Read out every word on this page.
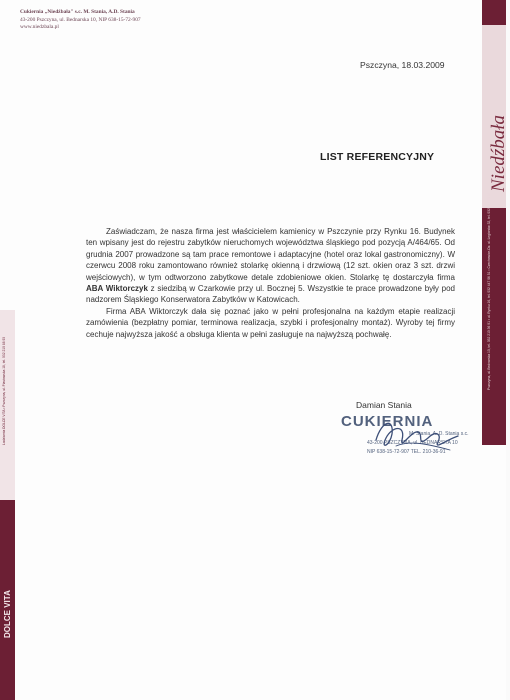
Cukiernia „Niedźbała" s.c. M. Stania, A.D. Stania
43-200 Pszczyna, ul. Bednarska 10, NIP 638-15-72-907
www.niedzbala.pl
Niedźbała
Pszczyna, ul. Bednarska 10, tel. 032 210 36 91 • ul. Rynku 16, tel. 032 447 06 51 • Czechowice-Dz. ul. Legionów 32, tel. 032 447 06 51
Lodziarnia DOLCE VITA • Pszczyna, ul. Piastowska 18, tel. 032 210 88 93
DOLCE VITA
Pszczyna, 18.03.2009
LIST REFERENCYJNY

Zaświadczam, że nasza firma jest właścicielem kamienicy w Pszczynie przy Rynku 16. Budynek ten wpisany jest do rejestru zabytków nieruchomych województwa śląskiego pod pozycją A/464/65. Od grudnia 2007 prowadzone są tam prace remontowe i adaptacyjne (hotel oraz lokal gastronomiczny). W czerwcu 2008 roku zamontowano również stolarkę okienną i drzwiową (12 szt. okien oraz 3 szt. drzwi wejściowych), w tym odtworzono zabytkowe detale zdobieniowe okien. Stolarkę tę dostarczyła firma ABA Wiktorczyk z siedzibą w Czarkowie przy ul. Bocznej 5. Wszystkie te prace prowadzone były pod nadzorem Śląskiego Konserwatora Zabytków w Katowicach.

Firma ABA Wiktorczyk dała się poznać jako w pełni profesjonalna na każdym etapie realizacji zamówienia (bezpłatny pomiar, terminowa realizacja, szybki i profesjonalny montaż). Wyroby tej firmy cechuje najwyższa jakość a obsługa klienta w pełni zasługuje na najwyższą pochwałę.

Damian Stania
CUKIERNIA
M. Stania, A. D. Stania s.c.
43-200 PSZCZYNA, ul. BEDNARSKA 10
NIP 638-15-72-907 TEL. 210-36-91
